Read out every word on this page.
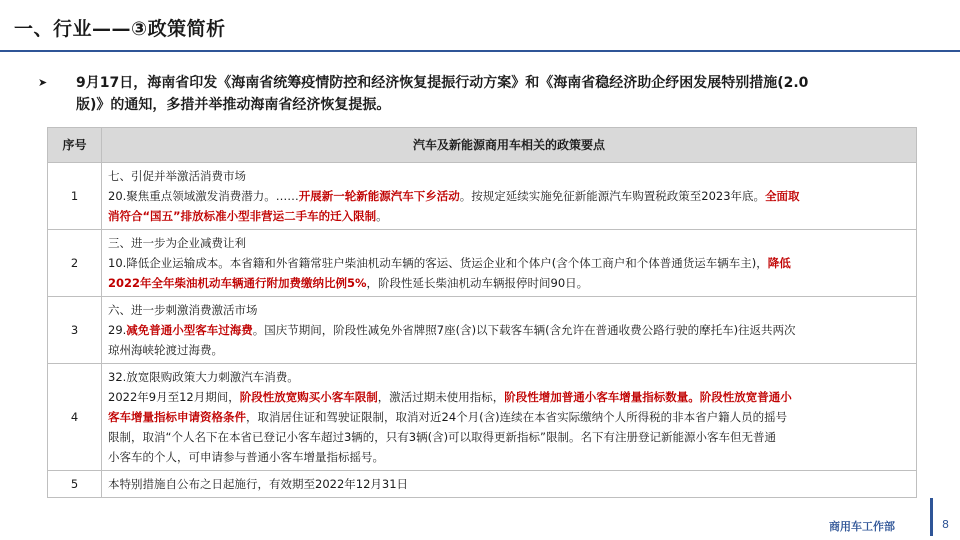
一、行业——③政策简析
➤	9月17日，海南省印发《海南省统筹疫情防控和经济恢复提振行动方案》和《海南省稳经济助企纾困发展特别措施(2.0
版)》的通知，多措并举推动海南省经济恢复提振。
序号	汽车及新能源商用车相关的政策要点
1	七、引促并举激活消费市场
20.聚焦重点领域激发消费潜力。……开展新一轮新能源汽车下乡活动。按规定延续实施免征新能源汽车购置税政策至2023年底。全面取
消符合“国五”排放标准小型非营运二手车的迁入限制。

2	三、进一步为企业减费让利
10.降低企业运输成本。本省籍和外省籍常驻户柴油机动车辆的客运、货运企业和个体户(含个体工商户和个体普通货运车辆车主)，降低
2022年全年柴油机动车辆通行附加费缴纳比例5%，阶段性延长柴油机动车辆报停时间90日。

3	六、进一步刺激消费激活市场
29.减免普通小型客车过海费。国庆节期间，阶段性减免外省牌照7座(含)以下载客车辆(含允许在普通收费公路行驶的摩托车)往返共两次
琼州海峡轮渡过海费。

4	32.放宽限购政策大力刺激汽车消费。
2022年9月至12月期间，阶段性放宽购买小客车限制，激活过期未使用指标，阶段性增加普通小客车增量指标数量。阶段性放宽普通小
客车增量指标申请资格条件，取消居住证和驾驶证限制，取消对近24个月(含)连续在本省实际缴纳个人所得税的非本省户籍人员的摇号
限制，取消“个人名下在本省已登记小客车超过3辆的，只有3辆(含)可以取得更新指标”限制。名下有注册登记新能源小客车但无普通
小客车的个人，可申请参与普通小客车增量指标摇号。

5	本特别措施自公布之日起施行，有效期至2022年12月31日
商用车工作部	8
